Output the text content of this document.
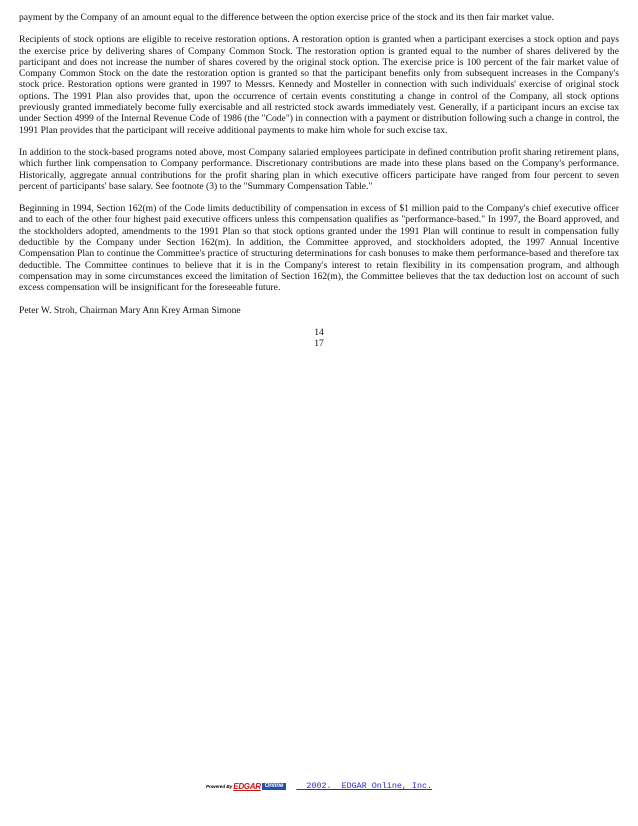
payment by the Company of an amount equal to the difference between the option exercise price of the stock and its then fair market value.

Recipients of stock options are eligible to receive restoration options. A restoration option is granted when a participant exercises a stock option and pays the exercise price by delivering shares of Company Common Stock. The restoration option is granted equal to the number of shares delivered by the participant and does not increase the number of shares covered by the original stock option. The exercise price is 100 percent of the fair market value of Company Common Stock on the date the restoration option is granted so that the participant benefits only from subsequent increases in the Company's stock price. Restoration options were granted in 1997 to Messrs. Kennedy and Mosteller in connection with such individuals' exercise of original stock options. The 1991 Plan also provides that, upon the occurrence of certain events constituting a change in control of the Company, all stock options previously granted immediately become fully exercisable and all restricted stock awards immediately vest. Generally, if a participant incurs an excise tax under Section 4999 of the Internal Revenue Code of 1986 (the "Code") in connection with a payment or distribution following such a change in control, the 1991 Plan provides that the participant will receive additional payments to make him whole for such excise tax.

In addition to the stock-based programs noted above, most Company salaried employees participate in defined contribution profit sharing retirement plans, which further link compensation to Company performance. Discretionary contributions are made into these plans based on the Company's performance. Historically, aggregate annual contributions for the profit sharing plan in which executive officers participate have ranged from four percent to seven percent of participants' base salary. See footnote (3) to the "Summary Compensation Table."

Beginning in 1994, Section 162(m) of the Code limits deductibility of compensation in excess of $1 million paid to the Company's chief executive officer and to each of the other four highest paid executive officers unless this compensation qualifies as "performance-based." In 1997, the Board approved, and the stockholders adopted, amendments to the 1991 Plan so that stock options granted under the 1991 Plan will continue to result in compensation fully deductible by the Company under Section 162(m). In addition, the Committee approved, and stockholders adopted, the 1997 Annual Incentive Compensation Plan to continue the Committee's practice of structuring determinations for cash bonuses to make them performance-based and therefore tax deductible. The Committee continues to believe that it is in the Company's interest to retain flexibility in its compensation program, and although compensation may in some circumstances exceed the limitation of Section 162(m), the Committee believes that the tax deduction lost on account of such excess compensation will be insignificant for the foreseeable future.

Peter W. Stroh, Chairman Mary Ann Krey Arman Simone

14
17
Powered By EDGAR Online	2002.  EDGAR Online, Inc.
